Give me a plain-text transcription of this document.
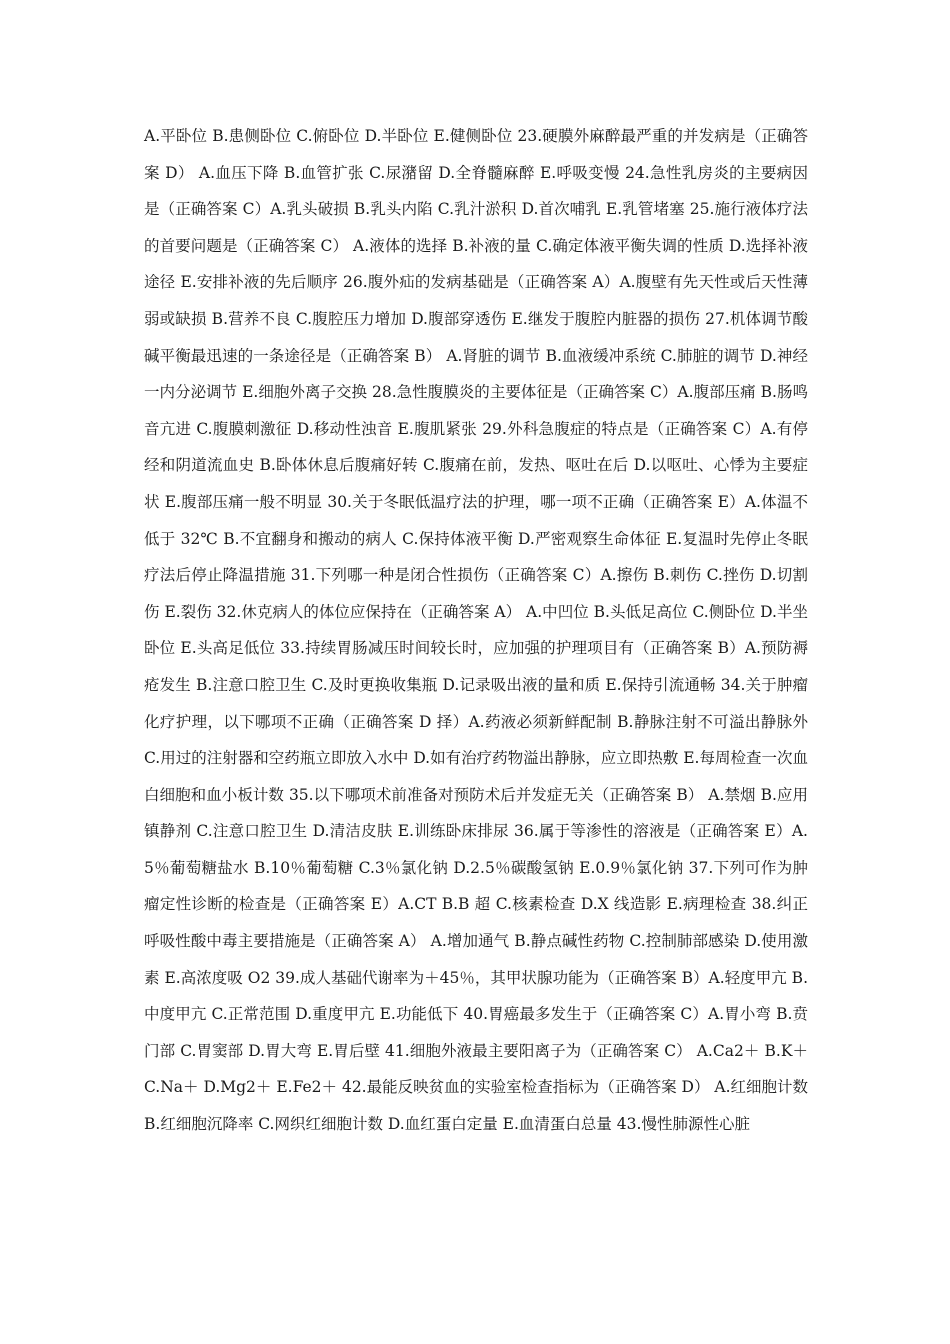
A.平卧位 B.患侧卧位 C.俯卧位 D.半卧位 E.健侧卧位 23.硬膜外麻醉最严重的并发病是（正确答案 D） A.血压下降 B.血管扩张 C.尿潴留 D.全脊髓麻醉 E.呼吸变慢 24.急性乳房炎的主要病因是（正确答案 C）A.乳头破损 B.乳头内陷 C.乳汁淤积 D.首次哺乳 E.乳管堵塞 25.施行液体疗法的首要问题是（正确答案 C） A.液体的选择 B.补液的量 C.确定体液平衡失调的性质 D.选择补液途径 E.安排补液的先后顺序 26.腹外疝的发病基础是（正确答案 A）A.腹壁有先天性或后天性薄弱或缺损 B.营养不良 C.腹腔压力增加 D.腹部穿透伤 E.继发于腹腔内脏器的损伤 27.机体调节酸碱平衡最迅速的一条途径是（正确答案 B） A.肾脏的调节 B.血液缓冲系统 C.肺脏的调节 D.神经一内分泌调节 E.细胞外离子交换 28.急性腹膜炎的主要体征是（正确答案 C）A.腹部压痛 B.肠鸣音亢进 C.腹膜刺激征 D.移动性浊音 E.腹肌紧张 29.外科急腹症的特点是（正确答案 C）A.有停经和阴道流血史 B.卧体休息后腹痛好转 C.腹痛在前，发热、呕吐在后 D.以呕吐、心悸为主要症状 E.腹部压痛一般不明显 30.关于冬眠低温疗法的护理，哪一项不正确（正确答案 E）A.体温不低于 32℃ B.不宜翻身和搬动的病人 C.保持体液平衡 D.严密观察生命体征 E.复温时先停止冬眠疗法后停止降温措施 31.下列哪一种是闭合性损伤（正确答案 C）A.擦伤 B.刺伤 C.挫伤 D.切割伤 E.裂伤 32.休克病人的体位应保持在（正确答案 A） A.中凹位 B.头低足高位 C.侧卧位 D.半坐卧位 E.头高足低位 33.持续胃肠减压时间较长时，应加强的护理项目有（正确答案 B）A.预防褥疮发生 B.注意口腔卫生 C.及时更换收集瓶 D.记录吸出液的量和质 E.保持引流通畅 34.关于肿瘤化疗护理，以下哪项不正确（正确答案 D 择）A.药液必须新鲜配制 B.静脉注射不可溢出静脉外 C.用过的注射器和空药瓶立即放入水中 D.如有治疗药物溢出静脉，应立即热敷 E.每周检查一次血白细胞和血小板计数 35.以下哪项术前准备对预防术后并发症无关（正确答案 B） A.禁烟 B.应用镇静剂 C.注意口腔卫生 D.清洁皮肤 E.训练卧床排尿 36.属于等渗性的溶液是（正确答案 E）A.5％葡萄糖盐水 B.10％葡萄糖 C.3％氯化钠 D.2.5％碳酸氢钠 E.0.9％氯化钠 37.下列可作为肿瘤定性诊断的检查是（正确答案 E）A.CT B.B 超 C.核素检查 D.X 线造影 E.病理检查 38.纠正呼吸性酸中毒主要措施是（正确答案 A） A.增加通气 B.静点碱性药物 C.控制肺部感染 D.使用激素 E.高浓度吸 O2 39.成人基础代谢率为＋45％，其甲状腺功能为（正确答案 B）A.轻度甲亢 B.中度甲亢 C.正常范围 D.重度甲亢 E.功能低下 40.胃癌最多发生于（正确答案 C）A.胃小弯 B.贲门部 C.胃窦部 D.胃大弯 E.胃后壁 41.细胞外液最主要阳离子为（正确答案 C） A.Ca2＋ B.K＋ C.Na＋ D.Mg2＋ E.Fe2＋ 42.最能反映贫血的实验室检查指标为（正确答案 D） A.红细胞计数 B.红细胞沉降率 C.网织红细胞计数 D.血红蛋白定量 E.血清蛋白总量 43.慢性肺源性心脏
